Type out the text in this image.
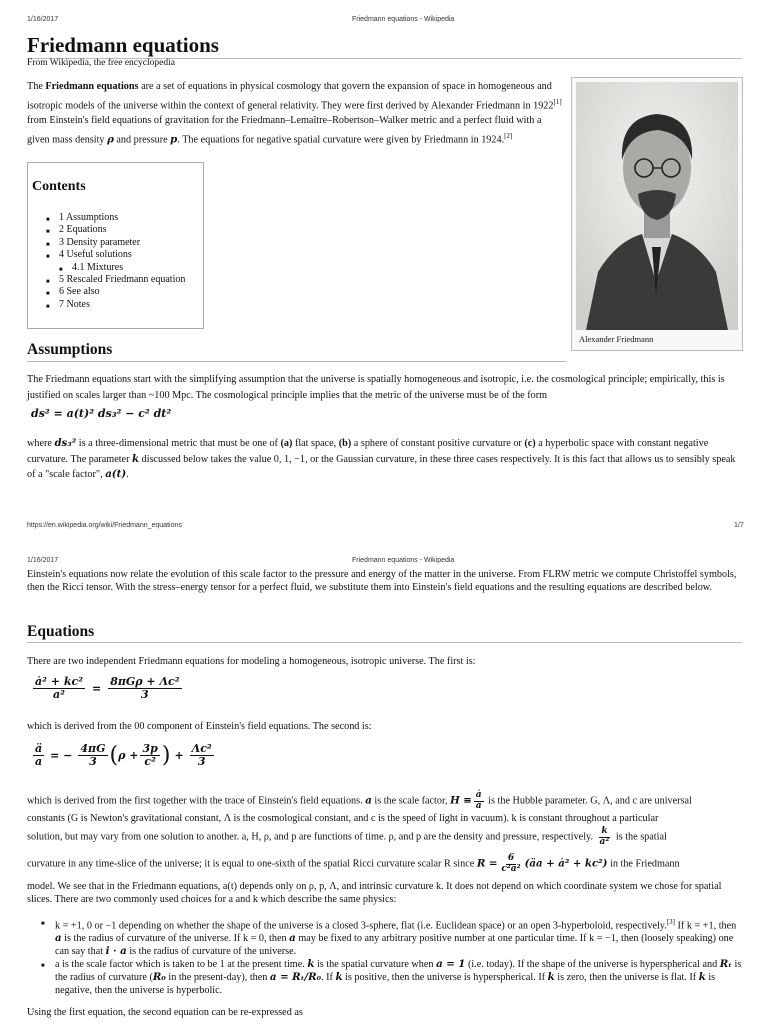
1/16/2017	Friedmann equations - Wikipedia
Friedmann equations
From Wikipedia, the free encyclopedia
The Friedmann equations are a set of equations in physical cosmology that govern the expansion of space in homogeneous and isotropic models of the universe within the context of general relativity. They were first derived by Alexander Friedmann in 1922[1] from Einstein's field equations of gravitation for the Friedmann–Lemaître–Robertson–Walker metric and a perfect fluid with a given mass density ρ and pressure p. The equations for negative spatial curvature were given by Friedmann in 1924.[2]
Alexander Friedmann
Contents
■ 1 Assumptions
■ 2 Equations
■ 3 Density parameter
■ 4 Useful solutions
■ 4.1 Mixtures
■ 5 Rescaled Friedmann equation
■ 6 See also
■ 7 Notes
Assumptions
The Friedmann equations start with the simplifying assumption that the universe is spatially homogeneous and isotropic, i.e. the cosmological principle; empirically, this is justified on scales larger than ~100 Mpc. The cosmological principle implies that the metric of the universe must be of the form
ds² = a(t)² ds₃² − c² dt²
where ds₃² is a three-dimensional metric that must be one of (a) flat space, (b) a sphere of constant positive curvature or (c) a hyperbolic space with constant negative curvature. The parameter k discussed below takes the value 0, 1, −1, or the Gaussian curvature, in these three cases respectively. It is this fact that allows us to sensibly speak of a "scale factor", a(t).
https://en.wikipedia.org/wiki/Friedmann_equations	1/7
1/16/2017	Friedmann equations - Wikipedia
Einstein's equations now relate the evolution of this scale factor to the pressure and energy of the matter in the universe. From FLRW metric we compute Christoffel symbols, then the Ricci tensor. With the stress–energy tensor for a perfect fluid, we substitute them into Einstein's field equations and the resulting equations are described below.
Equations
There are two independent Friedmann equations for modeling a homogeneous, isotropic universe. The first is:
$\frac{\text{ȧ² + kc²}}{\text{a²}} = \frac{\text{8πGρ + Λc²}}{3}$
which is derived from the 00 component of Einstein's field equations. The second is:
$\frac{ä}{a}$ = − $\frac{4\pi G}{3}$ ( $\rho + \frac{3p}{\text{c²}}$ ) + $\frac{\text{Λc²}}{3}$
which is derived from the first together with the trace of Einstein's field equations. a is the scale factor, $H \equiv \frac{ȧ}{a}$ is the Hubble parameter. G, Λ, and c are universal
constants (G is Newton's gravitational constant, Λ is the cosmological constant, and c is the speed of light in vacuum). k is constant throughout a particular
solution, but may vary from one solution to another. a, H, ρ, and p are functions of time. ρ, and p are the density and pressure, respectively. $\frac{k}{\text{a²}}$ is the spatial
curvature in any time-slice of the universe; it is equal to one-sixth of the spatial Ricci curvature scalar R since $R = \frac{6}{\text{c²a²}}$ (äa + ȧ² + kc²) in the Friedmann
model. We see that in the Friedmann equations, a(t) depends only on ρ, p, Λ, and intrinsic curvature k. It does not depend on which coordinate system we chose for spatial slices. There are two commonly used choices for a and k which describe the same physics:
■ k = +1, 0 or −1 depending on whether the shape of the universe is a closed 3-sphere, flat (i.e. Euclidean space) or an open 3-hyperboloid, respectively.[3] If k = +1, then a is the radius of curvature of the universe. If k = 0, then a may be fixed to any arbitrary positive number at one particular time. If k = −1, then (loosely speaking) one can say that i · a is the radius of curvature of the universe.
■ a is the scale factor which is taken to be 1 at the present time. k is the spatial curvature when a = 1 (i.e. today). If the shape of the universe is hyperspherical and Rₜ is the radius of curvature (R₀ in the present-day), then a = Rₜ/R₀. If k is positive, then the universe is hyperspherical. If k is zero, then the universe is flat. If k is negative, then the universe is hyperbolic.
Using the first equation, the second equation can be re-expressed as
